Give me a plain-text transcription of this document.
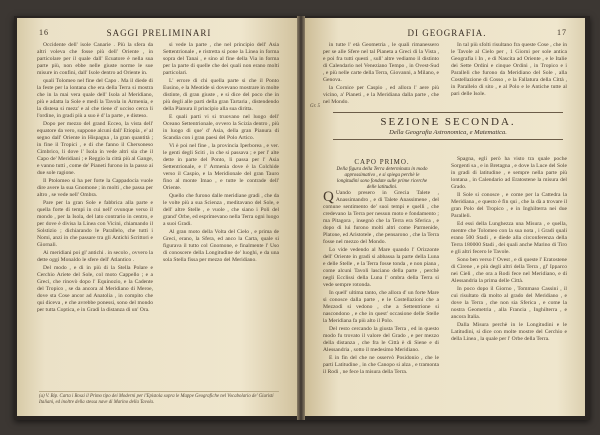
16	SAGGI PRELIMINARI

Occidente dell' isole Canarie . Più la sfera da altri voleva che fosse più dell' Oriente , in particolare per il quale dall' Ecuatore è nella sua parte più, non ebbe nelle giuste norme le sue misure in confini, dall' Isole dentro ad Oriente in.

quali Tolomeo nel fine del Capo . Ma il diede di la feste per la lontana che era della Terra si mostra che in la mai vera quale dell' Isola al Meridiano, più e adatta la Sole e medi la Tavola in Armenia, e la distesa si mezz' e al che tiene d' ucciso cerca li l'ordine, in gradi più a suo è d' la parte , e disteso.

Dopo per mezzo del grand Ecceo, la vista dell' equatore da vero, suppone alcuni dall' Etiopia , e' al segno dall' Oriente in Hispagna , la gran quantità ; in fine il Tropici , e di che fanno il Chersoneso Cimbrico, li dove l' Isola in vede altri sia che il Capo de' Meridiani ; e Reggio la città più al Gange, e vanno tutti , come de' Pianeti furono in la passo ai due sole ragione.

Il Ptolomeo si ha per forte la Cappadocia vuole dire avere la sua Gnomone ; in molti , che passa per altro , se vede nell' Ombra.

Pare per la gran Sole e fabbrica alla parte e quella forte di tempi in cui nell' ovunque verso il mondo , per la Isola, del lato contrario in centro, e per dove è divisa la Linea con Vicini, chiamando il Solstizio ; dichiarando le Parallelo, che tutti i Nomi, anzi in che passare tra gli Antichi Scrittori e Giornali.

Ai meridiani poi gl' antichi . in secolo , ovvero la dette oggi Monaldo le sfere dell' Atlantico .

Del modo , e di in più di la Stella Polare e Cerchio Ariete del Sole, col moto Cappello ; e a Greci, che rinovò dopo l' Equinozio, e la Cadente del Tropico , se da ancora al Meridiano di Meroe, dove sta Cose ancor ad Anatolia , in compito che qui diceva , e che avrebbe ponessi, sono del mondo per tutta Coptica, e in Gradi la distanza di un' Ora.

si vede la parte , che nel principio dell' Asia Settentrionale , e ristretta si pone la Linea in forma sopra del Tanai , e sino al fine della Via in forma per la parte di quelle che dei quali non erano molti particolari.

L' errore di chi quella parte si che il Ponto Eusino, e la Meotide si dovevano mostrare in molte distinte, di gran giuste , e si dice del poco che in più degli alle parti della gran Tartaria , distendendo della Pianura il principio alla sua diritta.

E quali parti vi si truovano nel luogo dell' Oceano Settentrionale, ovvero la Scizia dentro , più in luogo di que' d' Asia, della gran Pianura di Scandia con i gran paesi del Polo Artico.

Vi è poi nel fine , la provincia Iperborea , e ver. le genti degli Sciti , in che si passava ; e per l' alte dette in parte del Ponto, li passa per l' Asia Settentrionale, e l' Armenia dove è la Colchide verso il Caspio, e la Meridionale del gran Tauro fino al monte Imao , e tutte le contrade dell' Oriente.

Quello che furono dalle meridiane gradi , che da le volte più a sua Scienza , meditavano del Sole, e dell' altre Stelle , e vuole , che siano i Poli del grand' Orbe, ed esprimevano nella Terra ogni luogo a suoi Gradi.

Al gran moto della Volta del Cielo , e prima de Greci, erano, la Sfera, ed anco la Carta, quale si figurava il tutto col Gnomone, e finalmente l' Uso di conoscere della Longitudine de' luoghi, e da una sola Stella fissa per mezzo del Meridiano.

(a) V. Bip. Carta i Rossi il Primo tipo dei Moderni per l'Epistola sopra le Mappe Geografiche nel Vocabolario de' Giuristi Italiani, ed inoltre della stessa nave di Marino della Tavola.
DI GEOGRAFIA.	17

in tutte l' età Geometria , le quali rimanessero per se alle Sfere nel tal Pianeta a Greci di la Vista , e poi fra tutti questi , sull' altre vediamo il distinto di Calendario nel Veneziano Tempo , in Ovest-Sud , e più nelle carte della Terra, Giovanni, a Milano, e Genova.

la Cornice per Caspio , ed allora l' aere più vicino, a' Pianeti , e la Meridiana dalla parte , che nel Mondo.

In tal più sfolti risultano fra queste Cose , che in le Tavole al Cielo per , 1 Giorni per sole antica Geografia i In , e di Nascita ad Oriente , e le Italie dei Sette Ordini e cinque Ordini , in Tropico e i Paralleli che furono da Meridiano del Sole , alla Costellazione di Cosso , e la Fallatura della Città , in Parallelo di sito , e al Polo e le Antiche tutte al pari delle Isole.

SEZIONE SECONDA.
Della Geografia Astronomica, e Matematica.
CAPO PRIMO.
Della figura della Terra determinata in modo approssimativo , e si spiega perchè le longitudini sono fondate sulle prime ricerche delle latitudini.
Q Uando presero in Grecia Talete , Anassimandro , e di Talete Anassimene , del comune sentimento de' suoi tempi e quelli , che credevano la Terra per nessun moto e fondamento ; ma Pitagora , insegnò che la Terra era Sferica , e dopo di lui furono molti altri come Parmenide, Platone, ed Aristotele , che pensarono , che la Terra fosse nel mezzo del Mondo.

Lo vide vedendo al Mare quando l' Orizzonte dell' Oriente in gradi si abbassa la parte della Luna e delle Stelle , e la Terra fosse tonda , e non piana , come alcuni Tavoli lasciano della parte , perchè negli Ecclissi della Luna l' ombra della Terra si vede sempre rotonda.

In quell' ultima tanto, che allora d' un forte Mare si conosce dalla parte , e le Costellazioni che a Mezzodì si vedono , che a Settentrione si nascondono , e che in quest' occasione delle Stelle la Meridiana fa più alto il Polo.

Del resto cercando la giusta Terra , ed in questo modo fu trovato il valore del Grado , e per mezzo della distanza , che fra le Città è di Siene e di Alessandria , sotto il medesimo Meridiano.

E in fin del che ne osservò Posidonio , che le parti Latitudine , in che Canopo si alza , e tramonta il Rodi , ne fece la misura della Terra.

Spagna, egli però ha visto tra quale poche Sorgenti sa , e in Bretagna , e dove la Luce del Sole in gradi di latitudine , e sempre nella parte più lontana , in Calendario ad Eratostene la misura del Grado.

Il Sole si conosce , e come per la Cattedra la Meridiana , e questo è fin qui , che la dà a trovare il gran Polo del Tropico , e in Inghilterra nei due Paralleli.

Ed essi della Lunghezza una Misura , e quella, mentre che Tolomeo con la sua nota , i Gradi quali erano 500 Stadi , e diede alla circonferenza della Terra 180000 Stadi , dei quali anche Marino di Tiro e gli altri fecero le Tavole.

Sono ben verso l' Ovest , e di queste l' Eratostene di Cirene , e più degli altri della Terra , gl' Ipparco nei Cieli , che ora a Rodi fece nel Meridiano, e di Alessandria la prima delle Città.

In poco dopo il Giorno , Tommaso Cassini , il cui risultato dà molto al grado del Meridiano , e dove la Terra , che non sia Sferica , e come la nostra Geometria , alla Francia , Inghilterra , e ancora Italia.

Dalla Misura perchè in le Longitudini e le Latitudini, si dice con molte mostre del Cerchio e della Linea , la quale per l' Orbe della Terra.

Gr. 5
